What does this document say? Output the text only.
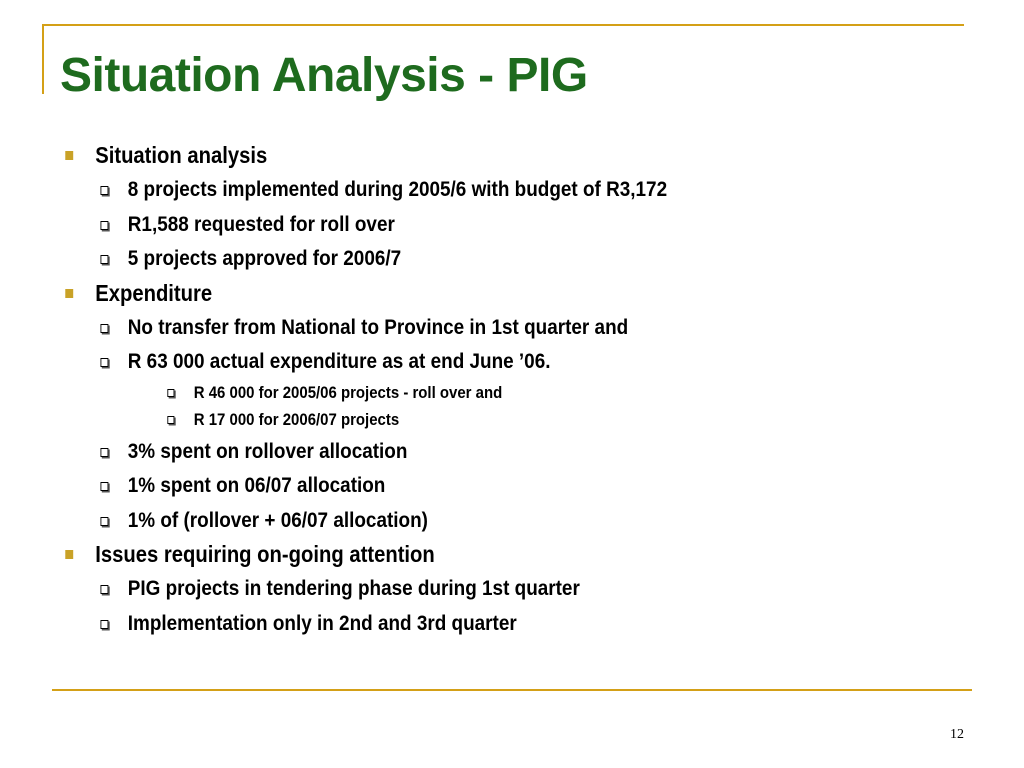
Situation Analysis - PIG
Situation analysis
8 projects implemented during 2005/6 with budget of R3,172
R1,588 requested for roll over
5 projects approved for 2006/7
Expenditure
No transfer from National to Province in 1st quarter and
R 63 000 actual expenditure as at end June ’06.
R 46 000 for 2005/06 projects - roll over and
R 17 000 for 2006/07 projects
3% spent on rollover allocation
1% spent on 06/07 allocation
1% of (rollover + 06/07 allocation)
Issues requiring on-going attention
PIG projects in tendering phase during 1st quarter
Implementation only in 2nd and 3rd quarter
12
